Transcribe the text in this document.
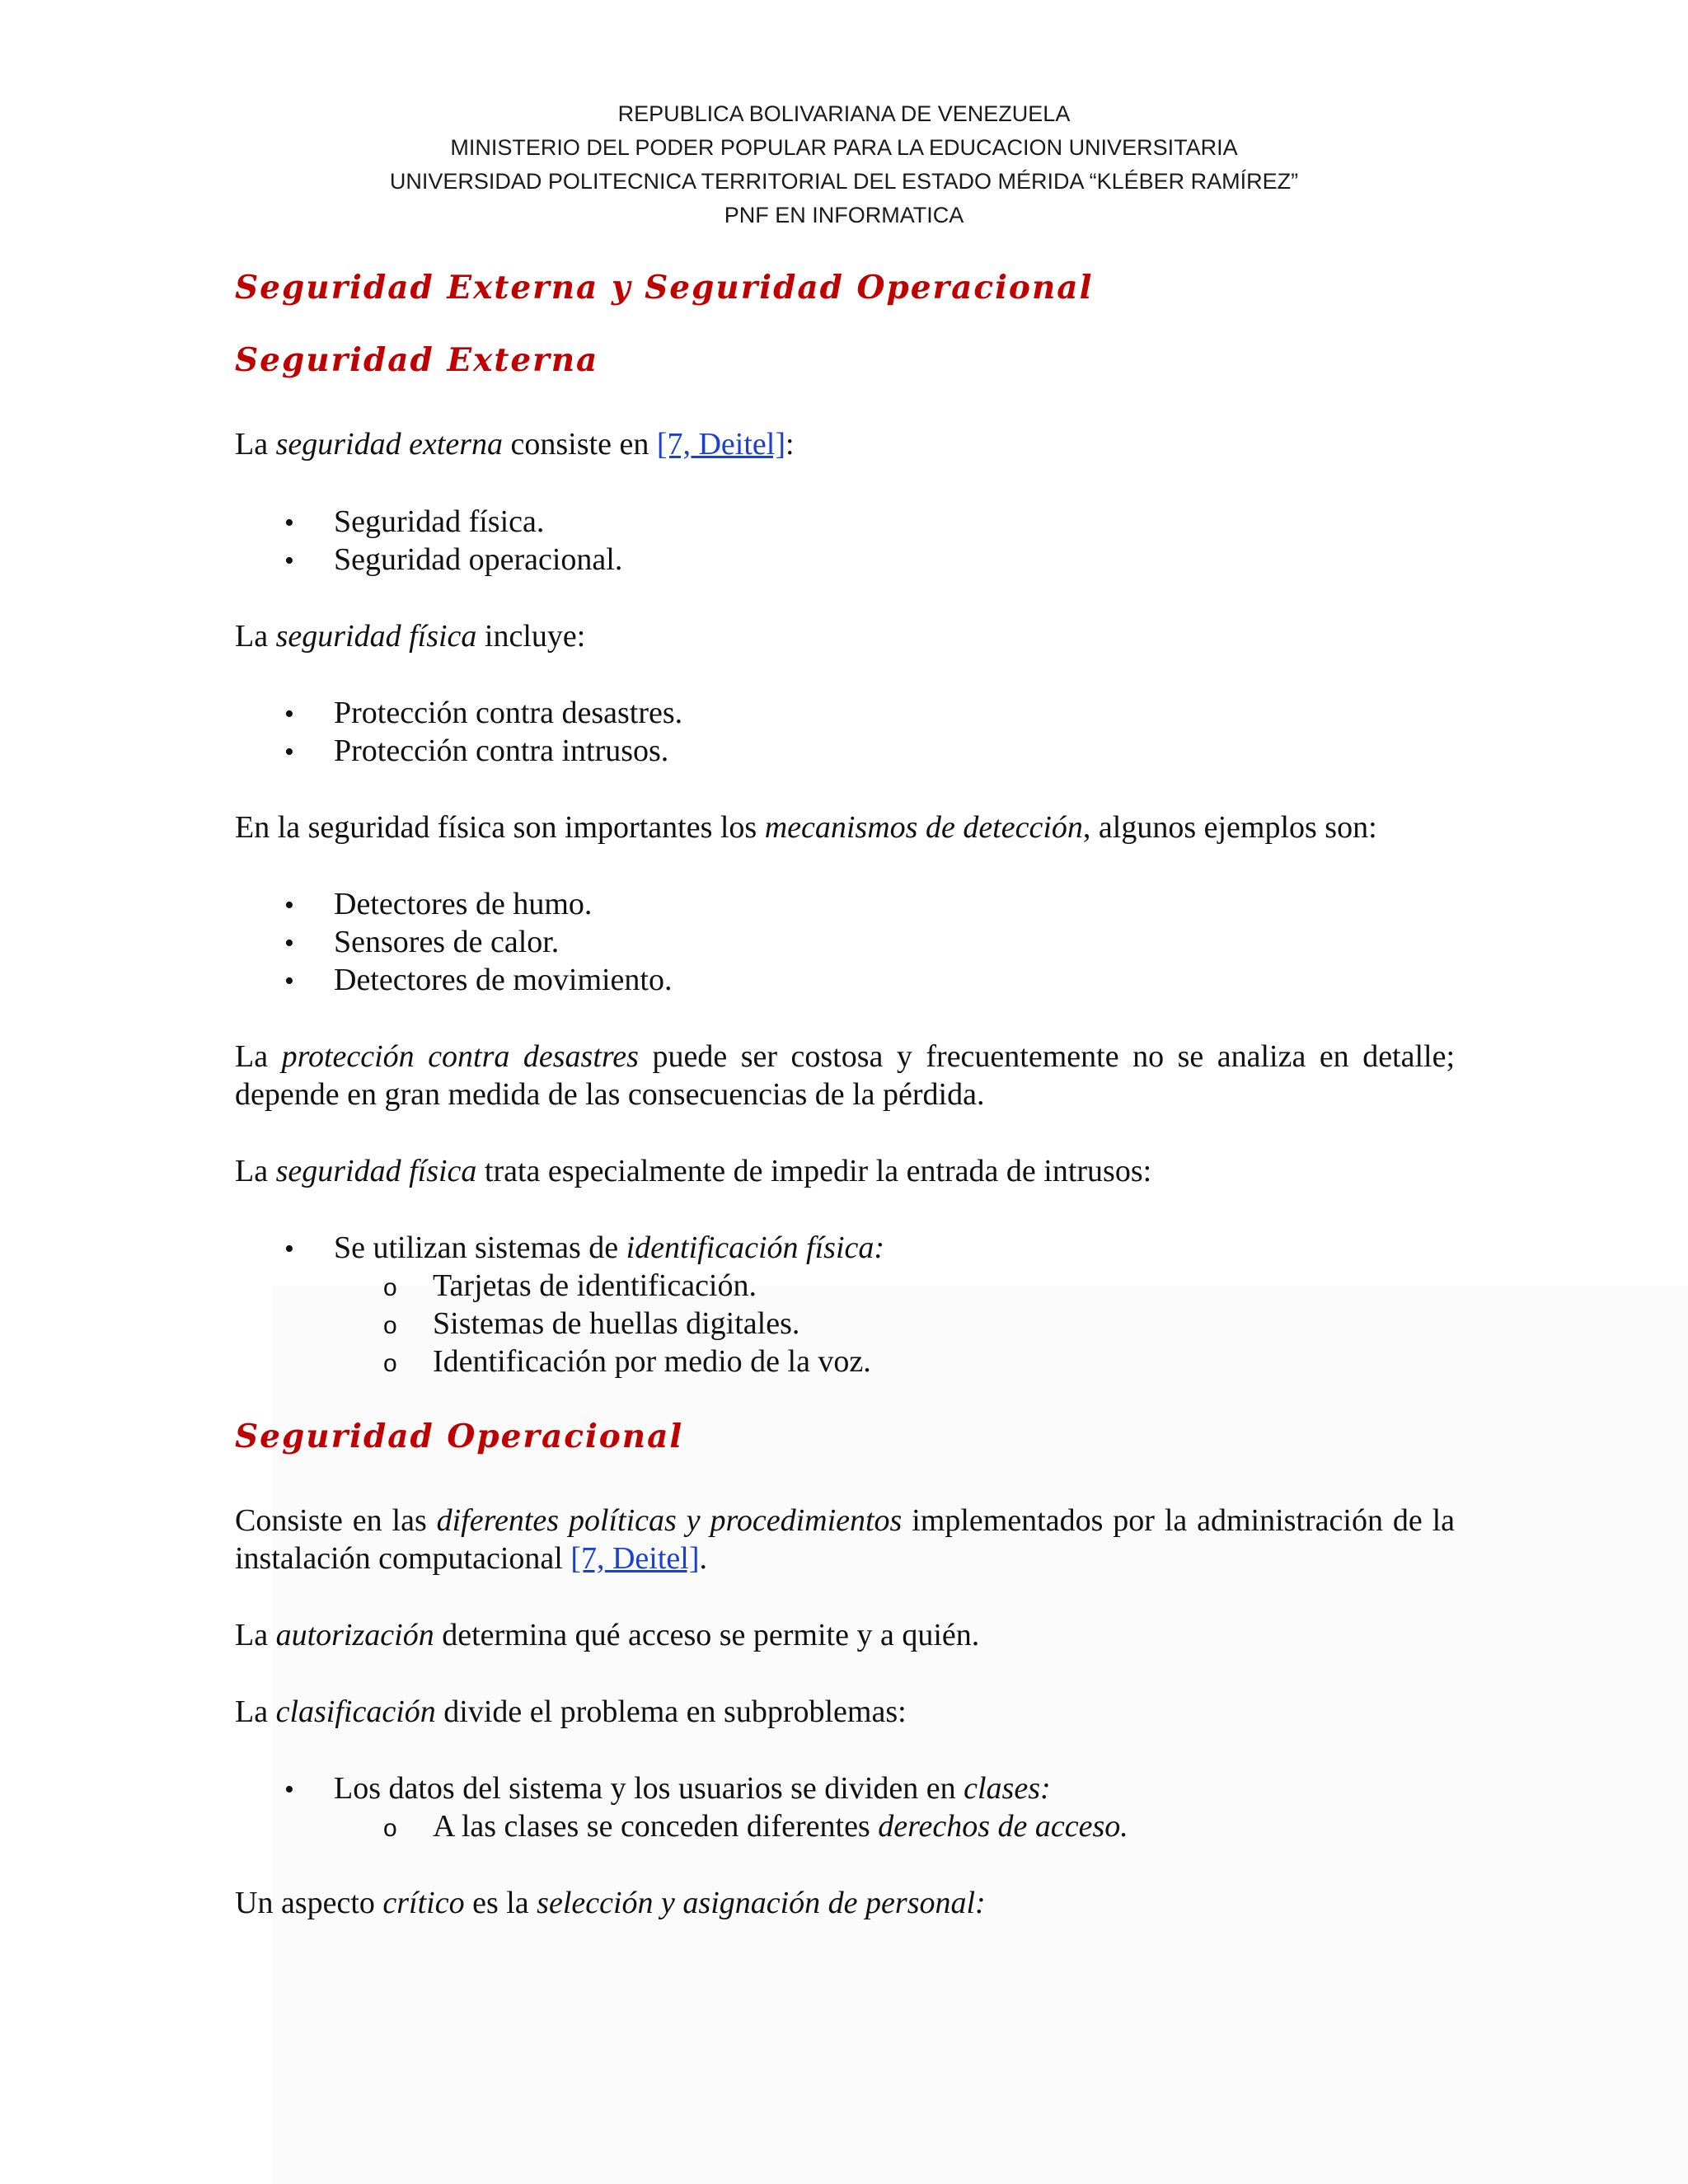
REPUBLICA BOLIVARIANA DE VENEZUELA
MINISTERIO DEL PODER POPULAR PARA LA EDUCACION UNIVERSITARIA
UNIVERSIDAD POLITECNICA TERRITORIAL DEL ESTADO MÉRIDA “KLÉBER RAMÍREZ”
PNF EN INFORMATICA
Seguridad Externa y Seguridad Operacional
Seguridad Externa

La seguridad externa consiste en [7, Deitel]:

• Seguridad física.
• Seguridad operacional.

La seguridad física incluye:

• Protección contra desastres.
• Protección contra intrusos.

En la seguridad física son importantes los mecanismos de detección, algunos ejemplos son:

• Detectores de humo.
• Sensores de calor.
• Detectores de movimiento.

La protección contra desastres puede ser costosa y frecuentemente no se analiza en detalle; depende en gran medida de las consecuencias de la pérdida.

La seguridad física trata especialmente de impedir la entrada de intrusos:

• Se utilizan sistemas de identificación física:
o Tarjetas de identificación.
o Sistemas de huellas digitales.
o Identificación por medio de la voz.
Seguridad Operacional

Consiste en las diferentes políticas y procedimientos implementados por la administración de la instalación computacional [7, Deitel].

La autorización determina qué acceso se permite y a quién.

La clasificación divide el problema en subproblemas:

• Los datos del sistema y los usuarios se dividen en clases:
o A las clases se conceden diferentes derechos de acceso.

Un aspecto crítico es la selección y asignación de personal:
